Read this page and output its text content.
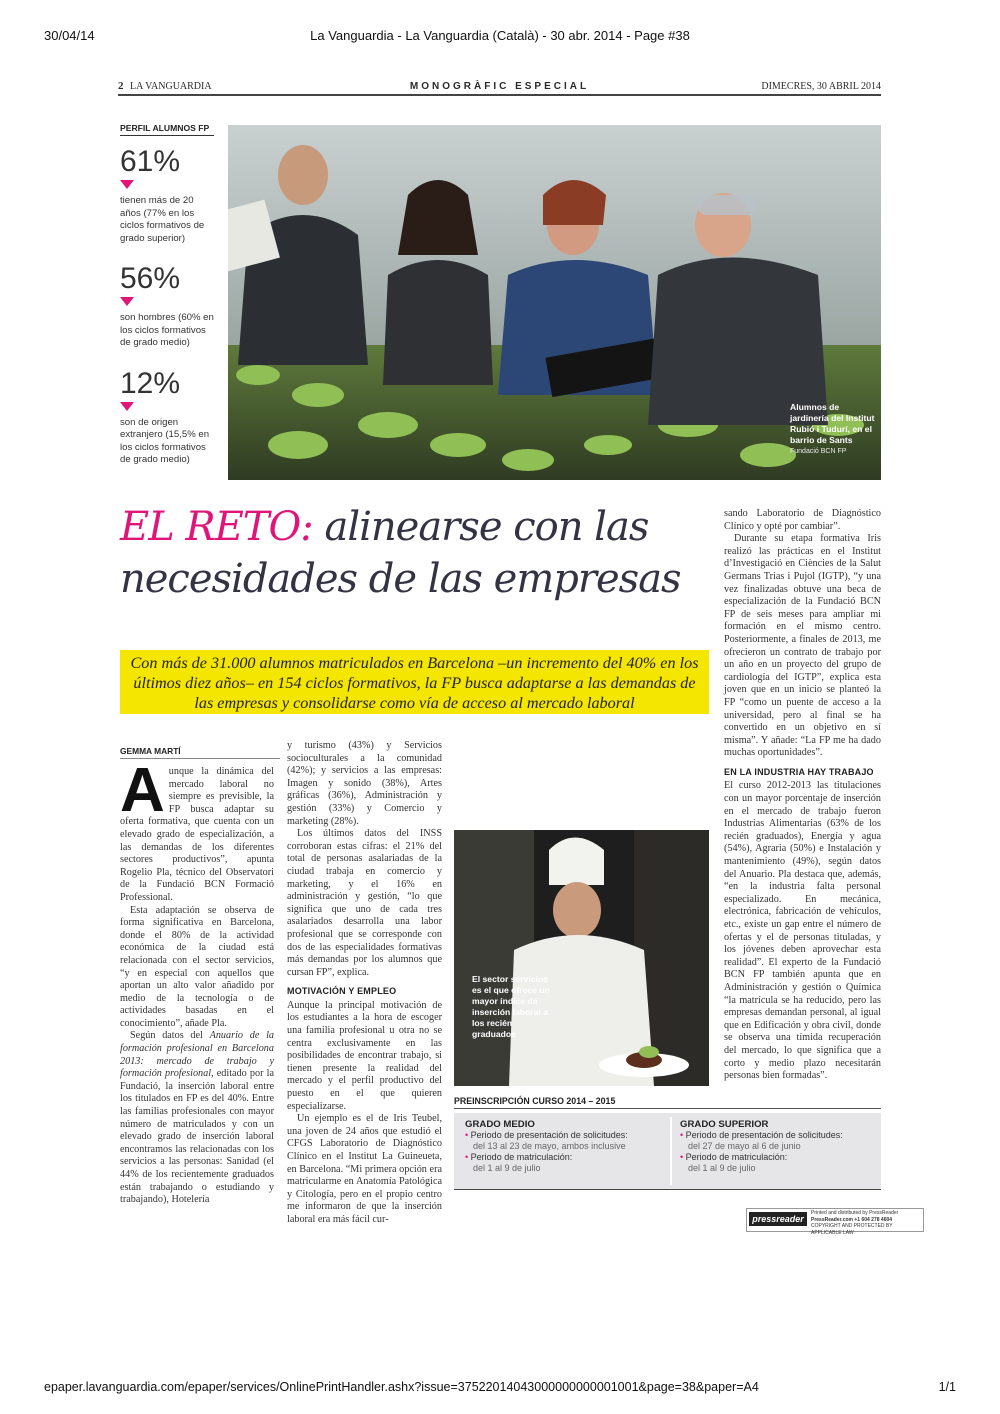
30/04/14	La Vanguardia - La Vanguardia (Català) - 30 abr. 2014 - Page #38
2 LA VANGUARDIA	MONOGRÀFIC ESPECIAL	DIMECRES, 30 ABRIL 2014
PERFIL ALUMNOS FP
61%
tienen más de 20 años (77% en los ciclos formativos de grado superior)
56%
son hombres (60% en los ciclos formativos de grado medio)
12%
son de origen extranjero (15,5% en los ciclos formativos de grado medio)
Alumnos de jardinería del Institut Rubió i Tudurí, en el barrio de Sants
Fundació BCN FP
EL RETO: alinearse con las
necesidades de las empresas
Con más de 31.000 alumnos matriculados en Barcelona –un incremento del 40% en los últimos diez años– en 154 ciclos formativos, la FP busca adaptarse a las demandas de las empresas y consolidarse como vía de acceso al mercado laboral
GEMMA MARTÍ
A unque la dinámica del mercado laboral no siempre es previsible, la FP busca adaptar su oferta formativa, que cuenta con un elevado grado de especialización, a las demandas de los diferentes sectores productivos”, apunta Rogelio Pla, técnico del Observatori de la Fundació BCN Formació Professional.

Esta adaptación se observa de forma significativa en Barcelona, donde el 80% de la actividad económica de la ciudad está relacionada con el sector servicios, “y en especial con aquellos que aportan un alto valor añadido por medio de la tecnología o de actividades basadas en el conocimiento”, añade Pla.

Según datos del Anuario de la formación profesional en Barcelona 2013: mercado de trabajo y formación profesional, editado por la Fundació, la inserción laboral entre los titulados en FP es del 40%. Entre las familias profesionales con mayor número de matriculados y con un elevado grado de inserción laboral encontramos las relacionadas con los servicios a las personas: Sanidad (el 44% de los recientemente graduados están trabajando o estudiando y trabajando), Hotelería

y turismo (43%) y Servicios socioculturales a la comunidad (42%); y servicios a las empresas: Imagen y sonido (38%), Artes gráficas (36%), Administración y gestión (33%) y Comercio y marketing (28%).

Los últimos datos del INSS corroboran estas cifras: el 21% del total de personas asalariadas de la ciudad trabaja en comercio y marketing, y el 16% en administración y gestión, “lo que significa que uno de cada tres asalariados desarrolla una labor profesional que se corresponde con dos de las especialidades formativas más demandas por los alumnos que cursan FP”, explica.

MOTIVACIÓN Y EMPLEO

Aunque la principal motivación de los estudiantes a la hora de escoger una familia profesional u otra no se centra exclusivamente en las posibilidades de encontrar trabajo, si tienen presente la realidad del mercado y el perfil productivo del puesto en el que quieren especializarse.

Un ejemplo es el de Iris Teubel, una joven de 24 años que estudió el CFGS Laboratorio de Diagnóstico Clínico en el Institut La Guineueta, en Barcelona. “Mi primera opción era matricularme en Anatomía Patológica y Citología, pero en el propio centro me informaron de que la inserción laboral era más fácil cur-

El sector servicios es el que ofrece un mayor índice de inserción laboral a los recién graduados

sando Laboratorio de Diagnóstico Clínico y opté por cambiar”.

Durante su etapa formativa Iris realizó las prácticas en el Institut d’Investigació en Ciències de la Salut Germans Trias i Pujol (IGTP), “y una vez finalizadas obtuve una beca de especialización de la Fundació BCN FP de seis meses para ampliar mi formación en el mismo centro. Posteriormente, a finales de 2013, me ofrecieron un contrato de trabajo por un año en un proyecto del grupo de cardiología del IGTP”, explica esta joven que en un inicio se planteó la FP “como un puente de acceso a la universidad, pero al final se ha convertido en un objetivo en sí misma”. Y añade: “La FP me ha dado muchas oportunidades”.

EN LA INDUSTRIA HAY TRABAJO

El curso 2012-2013 las titulaciones con un mayor porcentaje de inserción en el mercado de trabajo fueron Industrias Alimentarias (63% de los recién graduados), Energía y agua (54%), Agraria (50%) e Instalación y mantenimiento (49%), según datos del Anuario. Pla destaca que, además, “en la industria falta personal especializado. En mecánica, electrónica, fabricación de vehículos, etc., existe un gap entre el número de ofertas y el de personas tituladas, y los jóvenes deben aprovechar esta realidad”. El experto de la Fundació BCN FP también apunta que en Administración y gestión o Química “la matrícula se ha reducido, pero las empresas demandan personal, al igual que en Edificación y obra civil, donde se observa una tímida recuperación del mercado, lo que significa que a corto y medio plazo necesitarán personas bien formadas”.

PREINSCRIPCIÓN CURSO 2014 – 2015
GRADO MEDIO
• Periodo de presentación de solicitudes:
del 13 al 23 de mayo, ambos inclusive
• Periodo de matriculación:
del 1 al 9 de julio
GRADO SUPERIOR
• Periodo de presentación de solicitudes:
del 27 de mayo al 6 de junio
• Periodo de matriculación:
del 1 al 9 de julio
pressreader
Printed and distributed by PressReader
PressReader.com +1 604 278 4604
COPYRIGHT AND PROTECTED BY APPLICABLE LAW
epaper.lavanguardia.com/epaper/services/OnlinePrintHandler.ashx?issue=37522014043000000000001001&page=38&paper=A4	1/1
